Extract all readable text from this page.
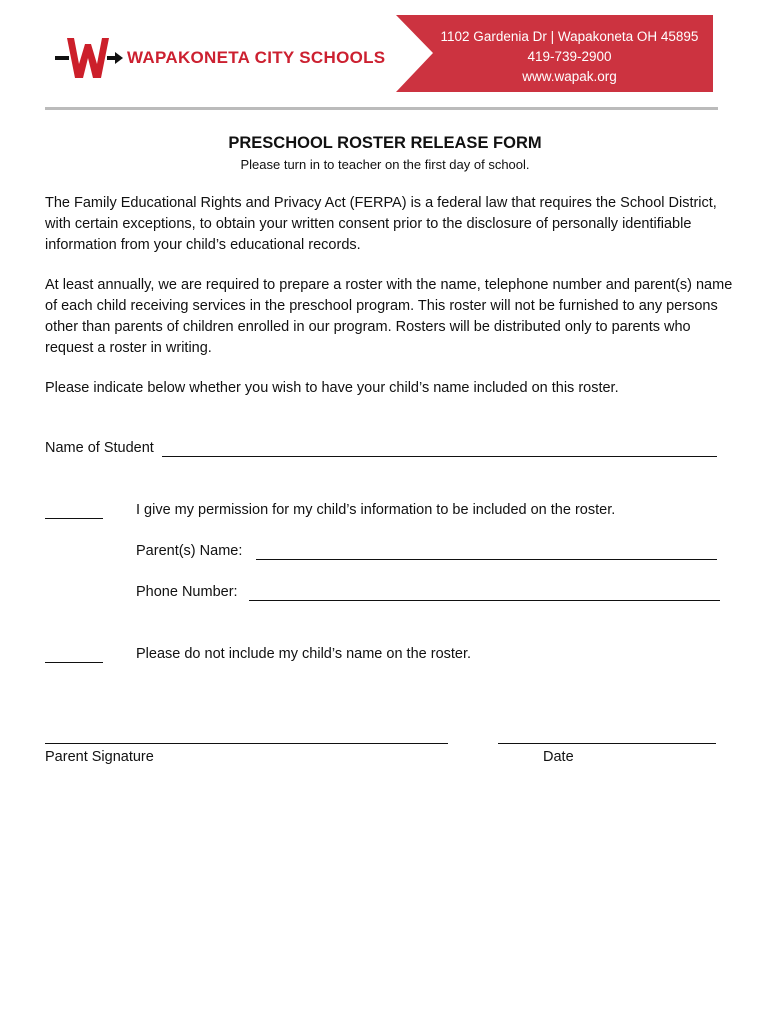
WAPAKONETA CITY SCHOOLS
1102 Gardenia Dr | Wapakoneta OH 45895
419-739-2900
www.wapak.org
PRESCHOOL ROSTER RELEASE FORM
Please turn in to teacher on the first day of school.
The Family Educational Rights and Privacy Act (FERPA) is a federal law that requires the School District, with certain exceptions, to obtain your written consent prior to the disclosure of personally identifiable information from your child’s educational records.
At least annually, we are required to prepare a roster with the name, telephone number and parent(s) name of each child receiving services in the preschool program. This roster will not be furnished to any persons other than parents of children enrolled in our program. Rosters will be distributed only to parents who request a roster in writing.
Please indicate below whether you wish to have your child’s name included on this roster.
Name of Student
I give my permission for my child’s information to be included on the roster.
Parent(s) Name:
Phone Number:
Please do not include my child’s name on the roster.
Parent Signature	Date
